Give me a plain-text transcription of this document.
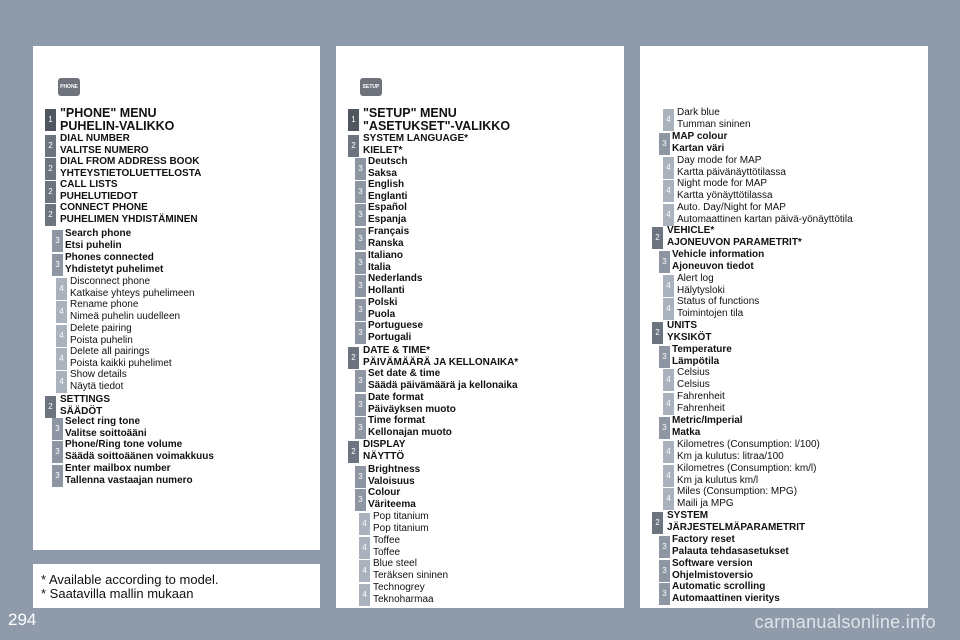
PHONE
1 "PHONE" MENU
PUHELIN-VALIKKO
2
DIAL NUMBER
VALITSE NUMERO
2
DIAL FROM ADDRESS BOOK
YHTEYSTIETOLUETTELOSTA
2
CALL LISTS
PUHELUTIEDOT
2
CONNECT PHONE
PUHELIMEN YHDISTÄMINEN
3
Search phone
Etsi puhelin
3
Phones connected
Yhdistetyt puhelimet
4
Disconnect phone
Katkaise yhteys puhelimeen
4
Rename phone
Nimeä puhelin uudelleen
4
Delete pairing
Poista puhelin
4
Delete all pairings
Poista kaikki puhelimet
4
Show details
Näytä tiedot
2
SETTINGS
SÄÄDÖT
3
Select ring tone
Valitse soittoääni
3
Phone/Ring tone volume
Säädä soittoäänen voimakkuus
3
Enter mailbox number
Tallenna vastaajan numero
SETUP
1 "SETUP" MENU
"ASETUKSET"-VALIKKO
2
SYSTEM LANGUAGE*
KIELET*
3
Deutsch
Saksa
3
English
Englanti
3
Español
Espanja
3
Français
Ranska
3
Italiano
Italia
3
Nederlands
Hollanti
3
Polski
Puola
3
Portuguese
Portugali
2
DATE & TIME*
PÄIVÄMÄÄRÄ JA KELLONAIKA*
3
Set date & time
Säädä päivämäärä ja kellonaika
3
Date format
Päiväyksen muoto
3
Time format
Kellonajan muoto
2
DISPLAY
NÄYTTÖ
3
Brightness
Valoisuus
3
Colour
Väriteema
4
Pop titanium
Pop titanium
4
Toffee
Toffee
4
Blue steel
Teräksen sininen
4
Technogrey
Teknoharmaa
4
Dark blue
Tumman sininen
3
MAP colour
Kartan väri
4
Day mode for MAP
Kartta päivänäyttötilassa
4
Night mode for MAP
Kartta yönäyttötilassa
4
Auto. Day/Night for MAP
Automaattinen kartan päivä-yönäyttötila
2
VEHICLE*
AJONEUVON PARAMETRIT*
3
Vehicle information
Ajoneuvon tiedot
4
Alert log
Hälytysloki
4
Status of functions
Toimintojen tila
2
UNITS
YKSIKÖT
3
Temperature
Lämpötila
4
Celsius
Celsius
4
Fahrenheit
Fahrenheit
3
Metric/Imperial
Matka
4
Kilometres (Consumption: l/100)
Km ja kulutus: litraa/100
4
Kilometres (Consumption: km/l)
Km ja kulutus km/l
4
Miles (Consumption: MPG)
Maili ja MPG
2
SYSTEM
JÄRJESTELMÄPARAMETRIT
3
Factory reset
Palauta tehdasasetukset
3
Software version
Ohjelmistoversio
3
Automatic scrolling
Automaattinen vieritys
* Available according to model.
* Saatavilla mallin mukaan
294	carmanualsonline.info
